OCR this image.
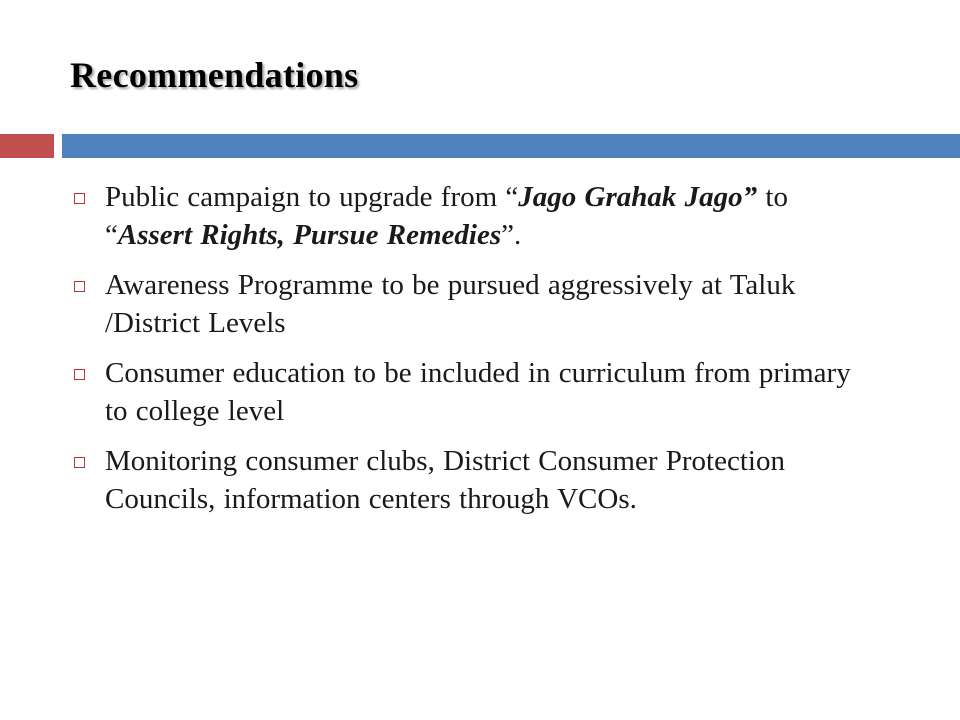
Recommendations
Public campaign to upgrade from “Jago Grahak Jago” to “Assert Rights, Pursue Remedies”.
Awareness Programme to be pursued aggressively at Taluk /District Levels
Consumer education to be included in curriculum from primary to college level
Monitoring consumer clubs, District Consumer Protection Councils, information centers through VCOs.
